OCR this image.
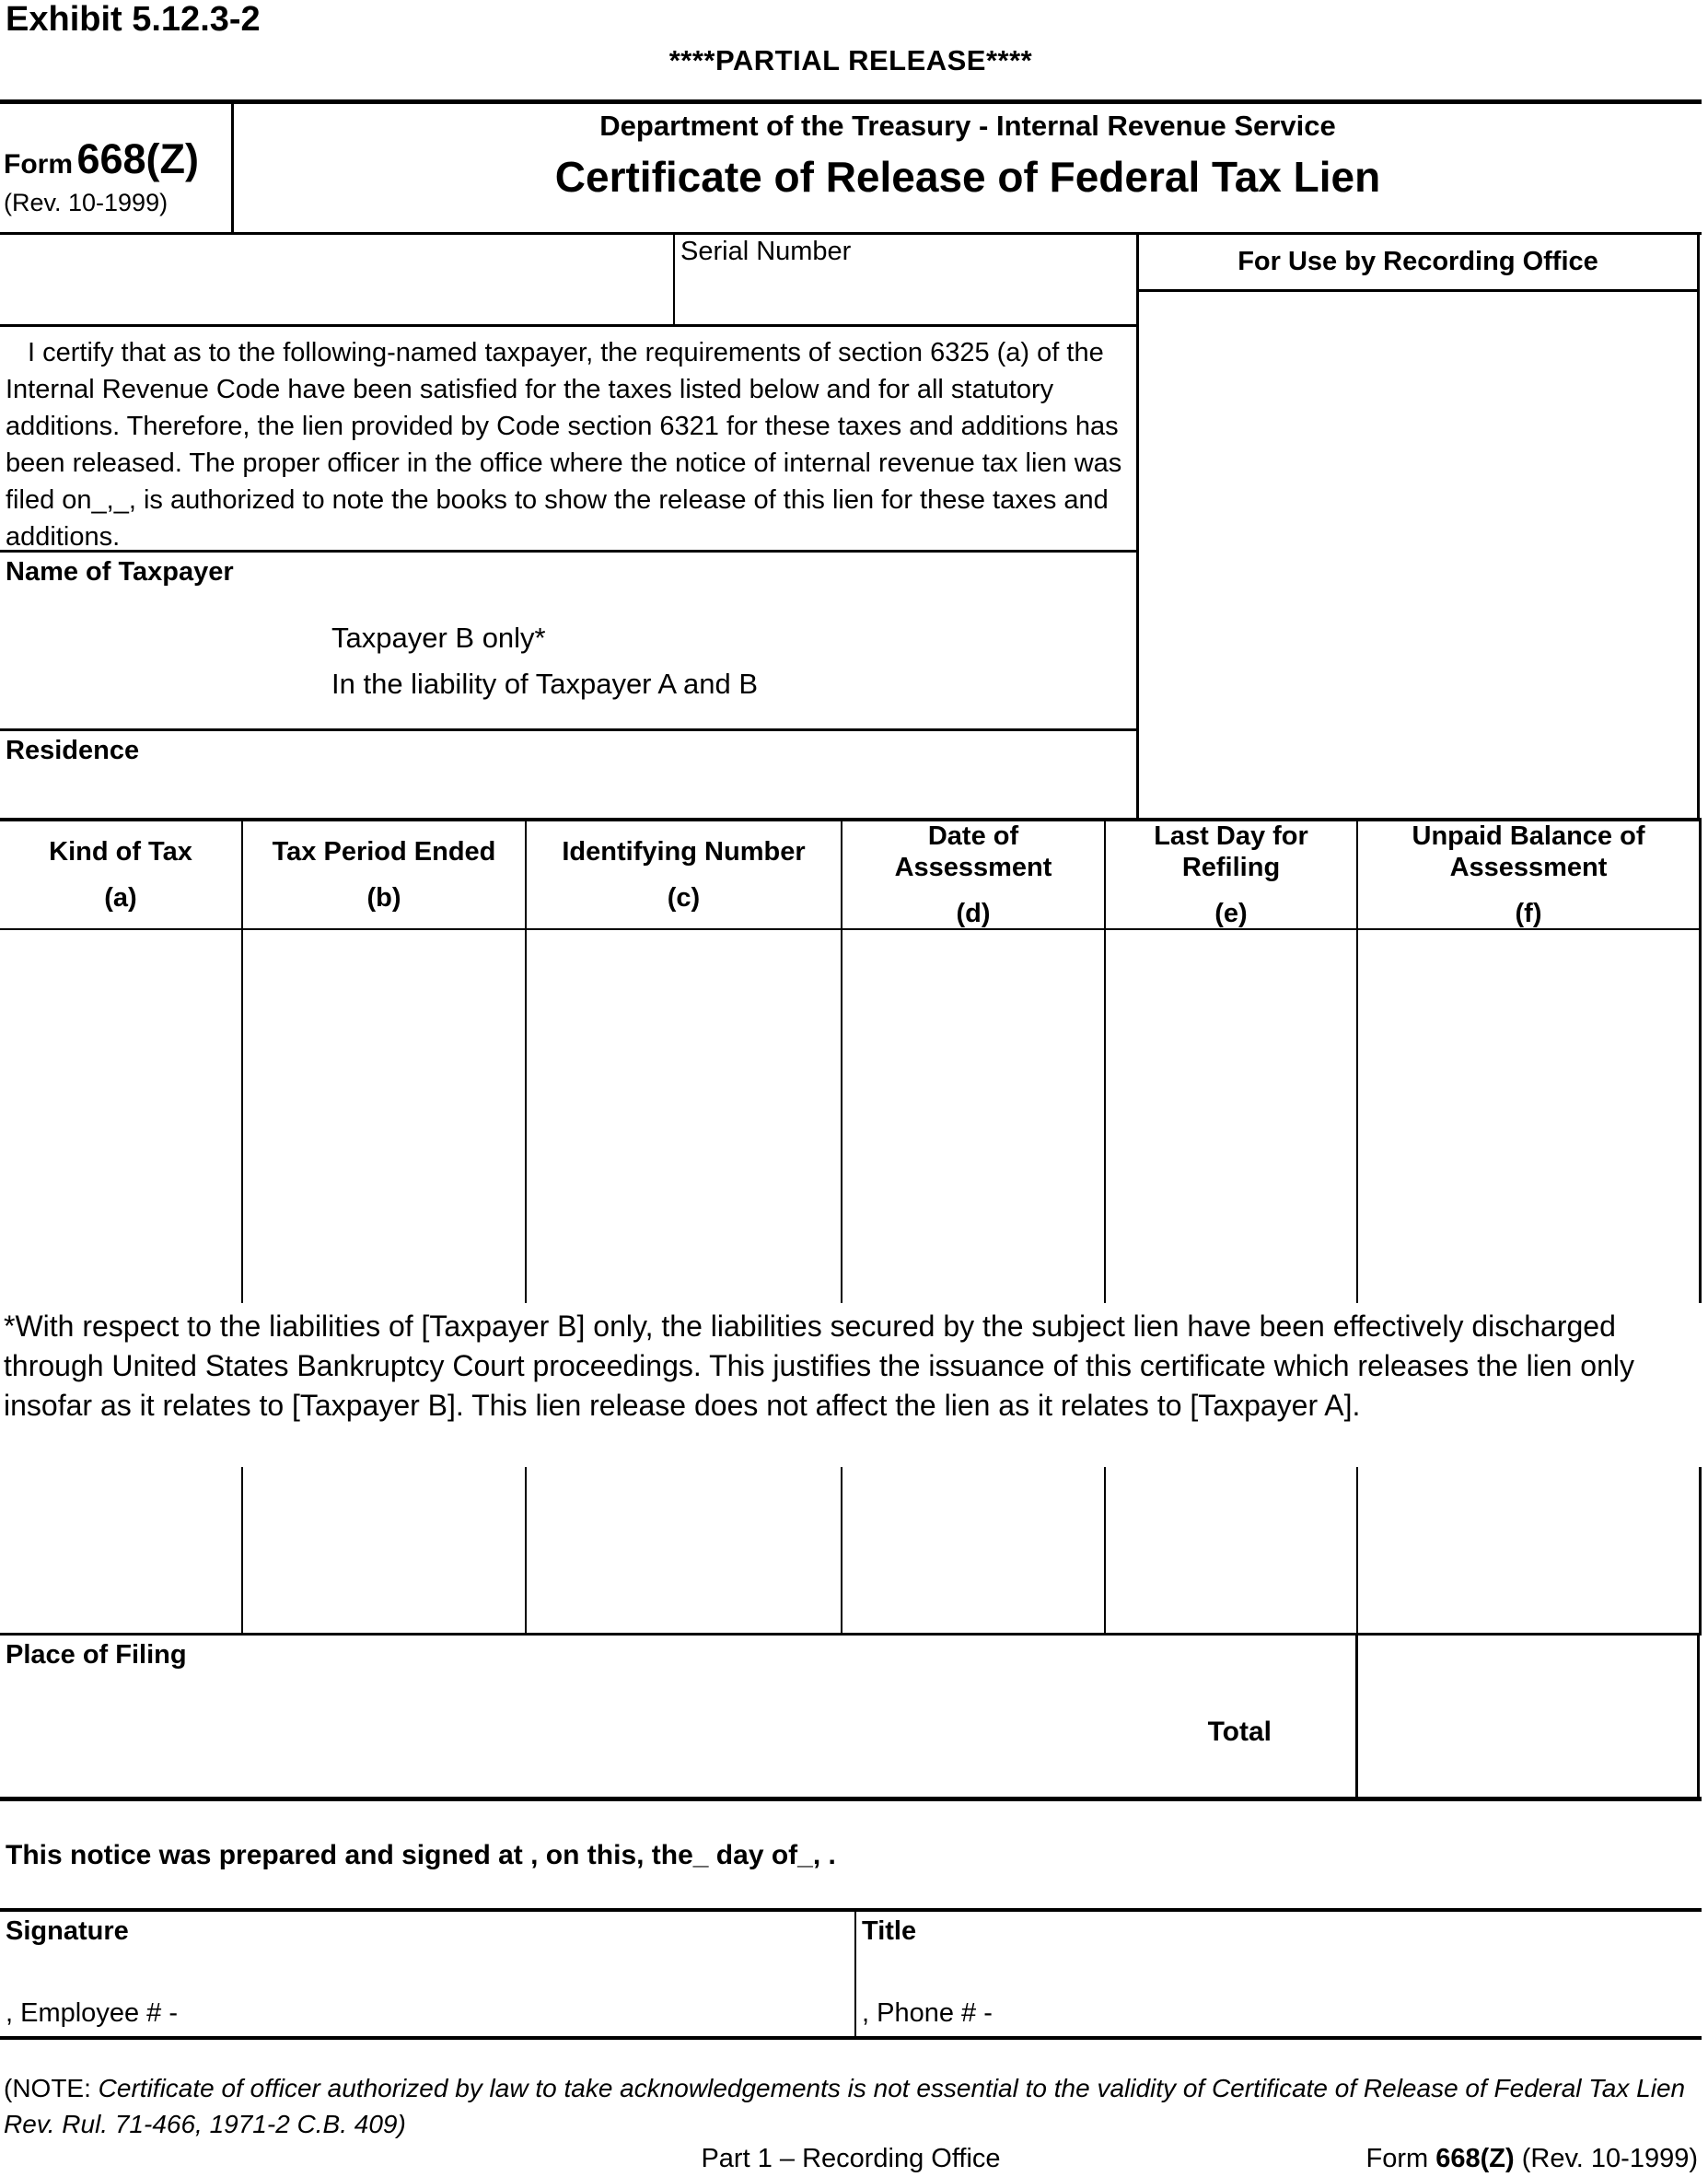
Exhibit 5.12.3-2
****PARTIAL RELEASE****
Form 668(Z)
(Rev. 10-1999)
Department of the Treasury - Internal Revenue Service
Certificate of Release of Federal Tax Lien
Serial Number	For Use by Recording Office
I certify that as to the following-named taxpayer, the requirements of section 6325 (a) of the Internal Revenue Code have been satisfied for the taxes listed below and for all statutory additions. Therefore, the lien provided by Code section 6321 for these taxes and additions has been released. The proper officer in the office where the notice of internal revenue tax lien was filed on_,_, is authorized to note the books to show the release of this lien for these taxes and additions.
Name of Taxpayer
Taxpayer B only*
In the liability of Taxpayer A and B
Residence
Kind of Tax
(a)
Tax Period Ended
(b)
Identifying Number
(c)
Date of Assessment
(d)
Last Day for Refiling
(e)
Unpaid Balance of Assessment
(f)
*With respect to the liabilities of [Taxpayer B] only, the liabilities secured by the subject lien have been effectively discharged through United States Bankruptcy Court proceedings. This justifies the issuance of this certificate which releases the lien only insofar as it relates to [Taxpayer B]. This lien release does not affect the lien as it relates to [Taxpayer A].
Place of Filing
Total
This notice was prepared and signed at , on this, the_ day of_, .
Signature
, Employee # -
Title
, Phone # -
(NOTE: Certificate of officer authorized by law to take acknowledgements is not essential to the validity of Certificate of Release of Federal Tax Lien Rev. Rul. 71-466, 1971-2 C.B. 409)
Part 1 – Recording Office	Form 668(Z) (Rev. 10-1999)
